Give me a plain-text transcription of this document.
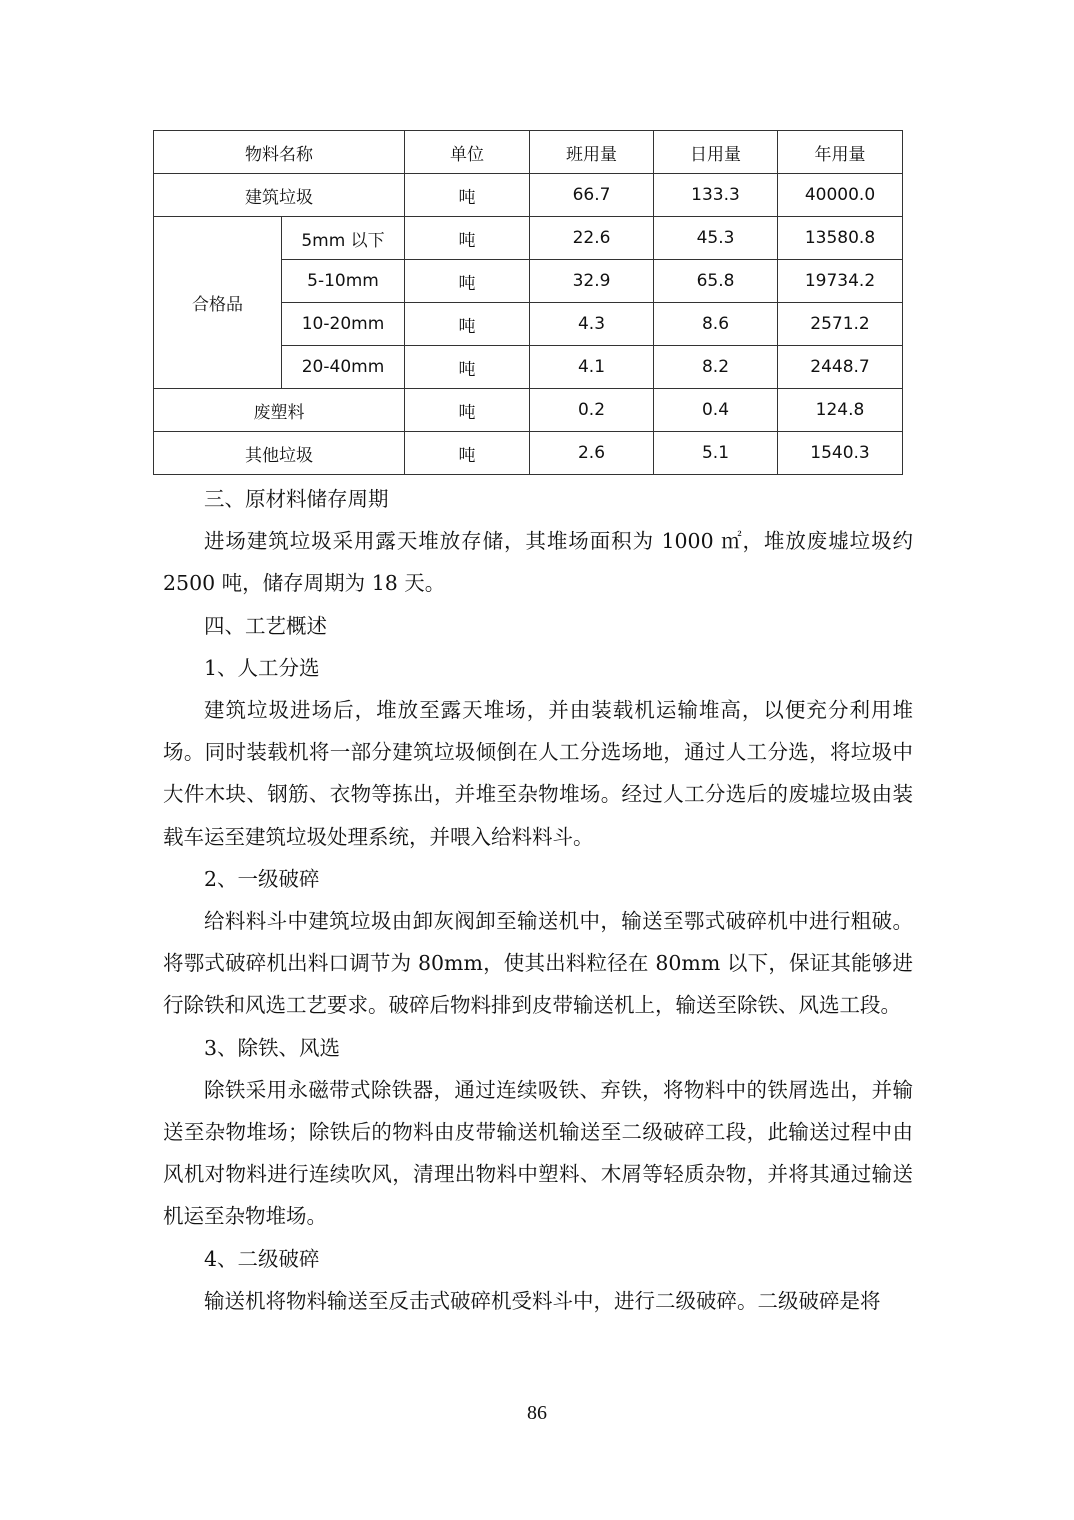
物料名称		单位	班用量	日用量	年用量
建筑垃圾		吨	66.7	133.3	40000.0
合格品	5mm 以下	吨	22.6	45.3	13580.8
	5-10mm	吨	32.9	65.8	19734.2
	10-20mm	吨	4.3	8.6	2571.2
	20-40mm	吨	4.1	8.2	2448.7
废塑料		吨	0.2	0.4	124.8
其他垃圾		吨	2.6	5.1	1540.3

三、原材料储存周期

进场建筑垃圾采用露天堆放存储，其堆场面积为 1000 ㎡，堆放废墟垃圾约 2500 吨，储存周期为 18 天。

四、工艺概述

1、人工分选

建筑垃圾进场后，堆放至露天堆场，并由装载机运输堆高，以便充分利用堆场。同时装载机将一部分建筑垃圾倾倒在人工分选场地，通过人工分选，将垃圾中大件木块、钢筋、衣物等拣出，并堆至杂物堆场。经过人工分选后的废墟垃圾由装载车运至建筑垃圾处理系统，并喂入给料料斗。

2、一级破碎

给料料斗中建筑垃圾由卸灰阀卸至输送机中，输送至鄂式破碎机中进行粗破。将鄂式破碎机出料口调节为 80mm，使其出料粒径在 80mm 以下，保证其能够进行除铁和风选工艺要求。破碎后物料排到皮带输送机上，输送至除铁、风选工段。

3、除铁、风选

除铁采用永磁带式除铁器，通过连续吸铁、弃铁，将物料中的铁屑选出，并输送至杂物堆场；除铁后的物料由皮带输送机输送至二级破碎工段，此输送过程中由风机对物料进行连续吹风，清理出物料中塑料、木屑等轻质杂物，并将其通过输送机运至杂物堆场。

4、二级破碎

输送机将物料输送至反击式破碎机受料斗中，进行二级破碎。二级破碎是将

86
